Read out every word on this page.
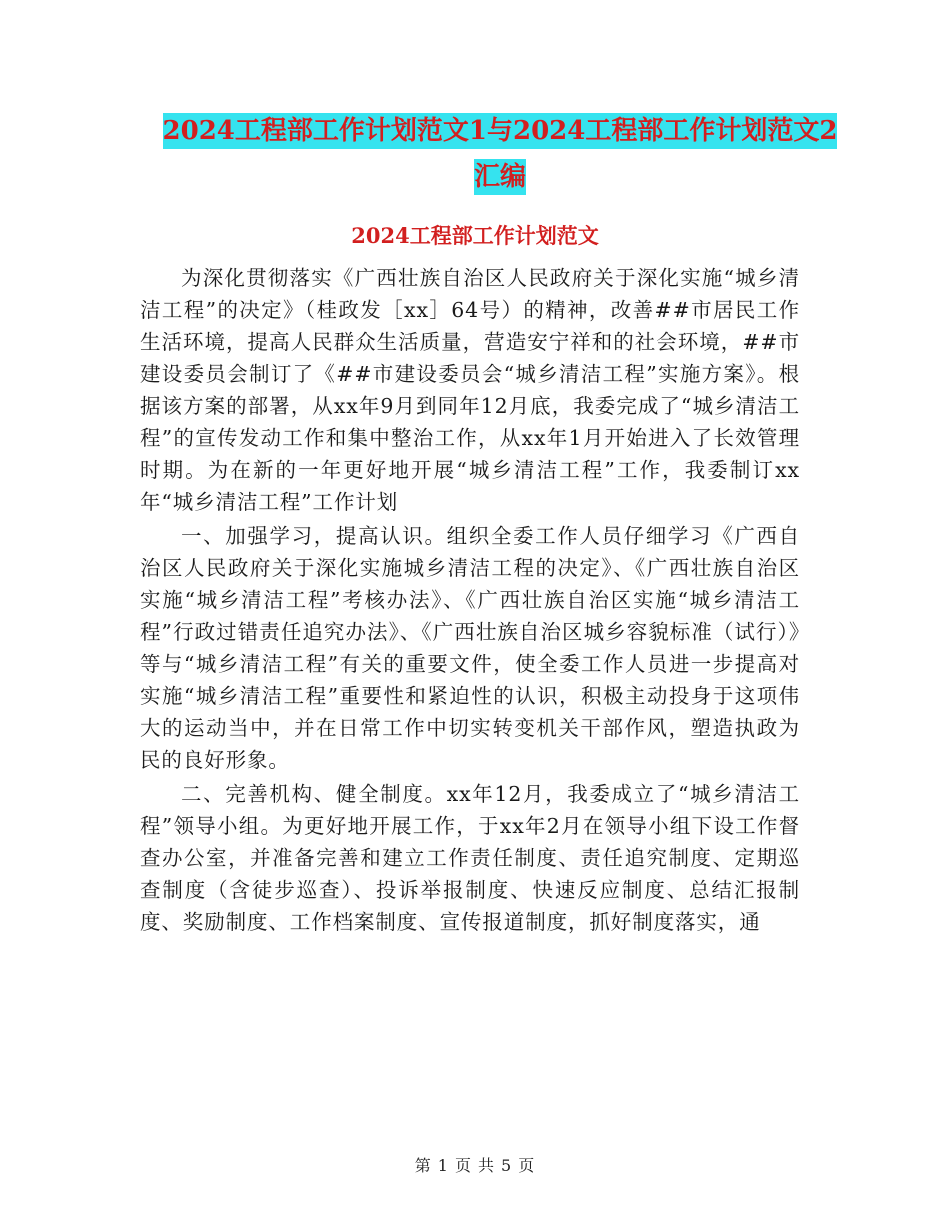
2024工程部工作计划范文1与2024工程部工作计划范文2汇编
2024工程部工作计划范文

为深化贯彻落实《广西壮族自治区人民政府关于深化实施“城乡清洁工程”的决定》（桂政发［xx］64号）的精神，改善##市居民工作生活环境，提高人民群众生活质量，营造安宁祥和的社会环境，##市建设委员会制订了《##市建设委员会“城乡清洁工程”实施方案》。根据该方案的部署，从xx年9月到同年12月底，我委完成了“城乡清洁工程”的宣传发动工作和集中整治工作，从xx年1月开始进入了长效管理时期。为在新的一年更好地开展“城乡清洁工程”工作，我委制订xx年“城乡清洁工程”工作计划

一、加强学习，提高认识。组织全委工作人员仔细学习《广西自治区人民政府关于深化实施城乡清洁工程的决定》、《广西壮族自治区实施“城乡清洁工程”考核办法》、《广西壮族自治区实施“城乡清洁工程”行政过错责任追究办法》、《广西壮族自治区城乡容貌标准（试行）》等与“城乡清洁工程”有关的重要文件，使全委工作人员进一步提高对实施“城乡清洁工程”重要性和紧迫性的认识，积极主动投身于这项伟大的运动当中，并在日常工作中切实转变机关干部作风，塑造执政为民的良好形象。

二、完善机构、健全制度。xx年12月，我委成立了“城乡清洁工程”领导小组。为更好地开展工作，于xx年2月在领导小组下设工作督查办公室，并准备完善和建立工作责任制度、责任追究制度、定期巡查制度（含徒步巡查）、投诉举报制度、快速反应制度、总结汇报制度、奖励制度、工作档案制度、宣传报道制度，抓好制度落实，通

第 1 页 共 5 页
